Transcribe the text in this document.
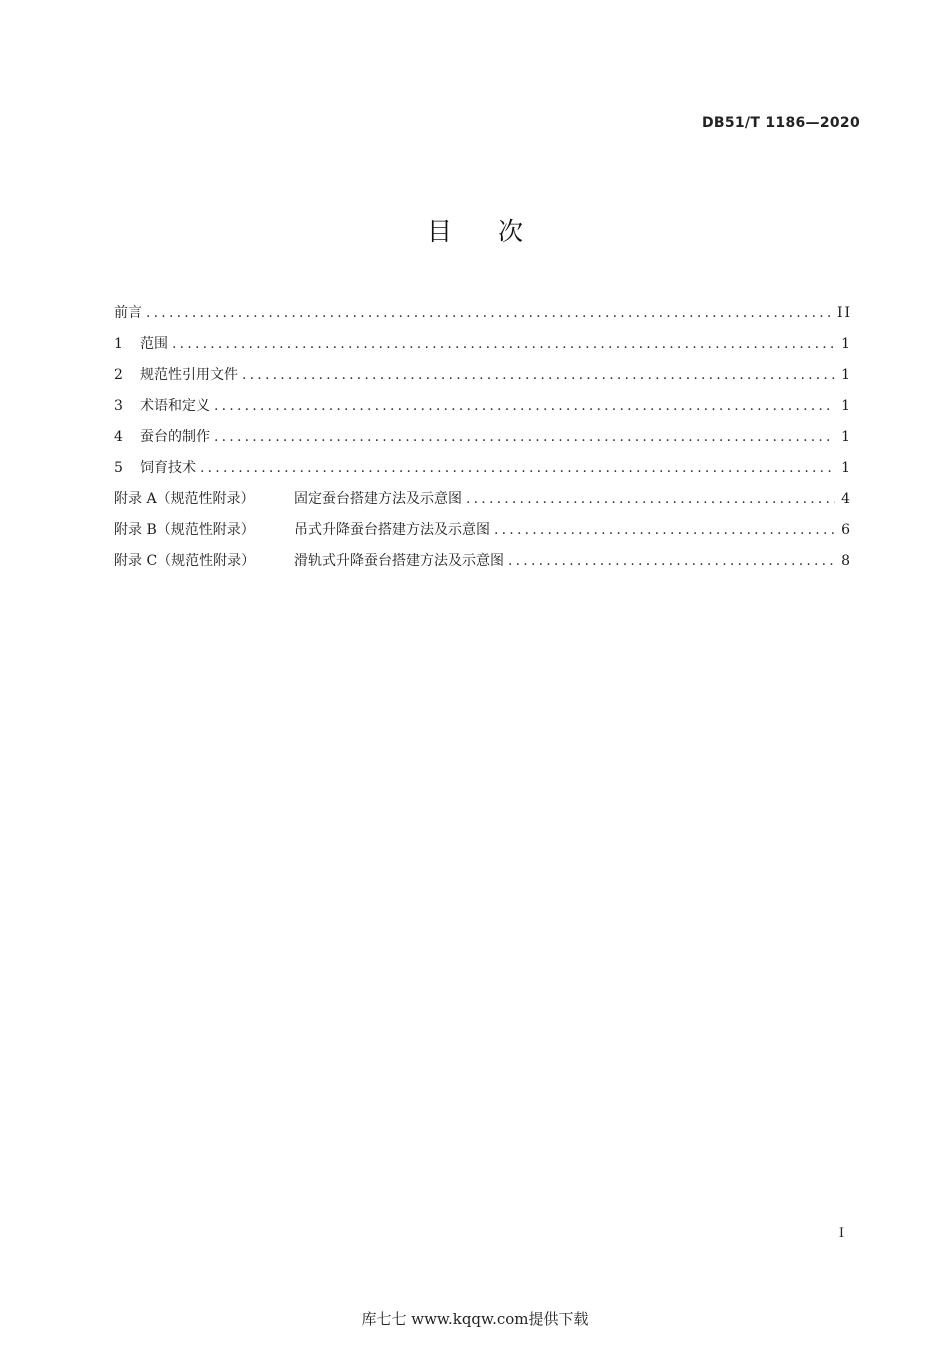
DB51/T 1186—2020
目次
前言 .....	II
1	范围 .....	1
2	规范性引用文件 .....	1
3	术语和定义 .....	1
4	蚕台的制作 .....	1
5	饲育技术 .....	1
附录 A（规范性附录）	固定蚕台搭建方法及示意图 .....	4
附录 B（规范性附录）	吊式升降蚕台搭建方法及示意图 .....	6
附录 C（规范性附录）	滑轨式升降蚕台搭建方法及示意图 .....	8
I
库七七 www.kqqw.com提供下载
